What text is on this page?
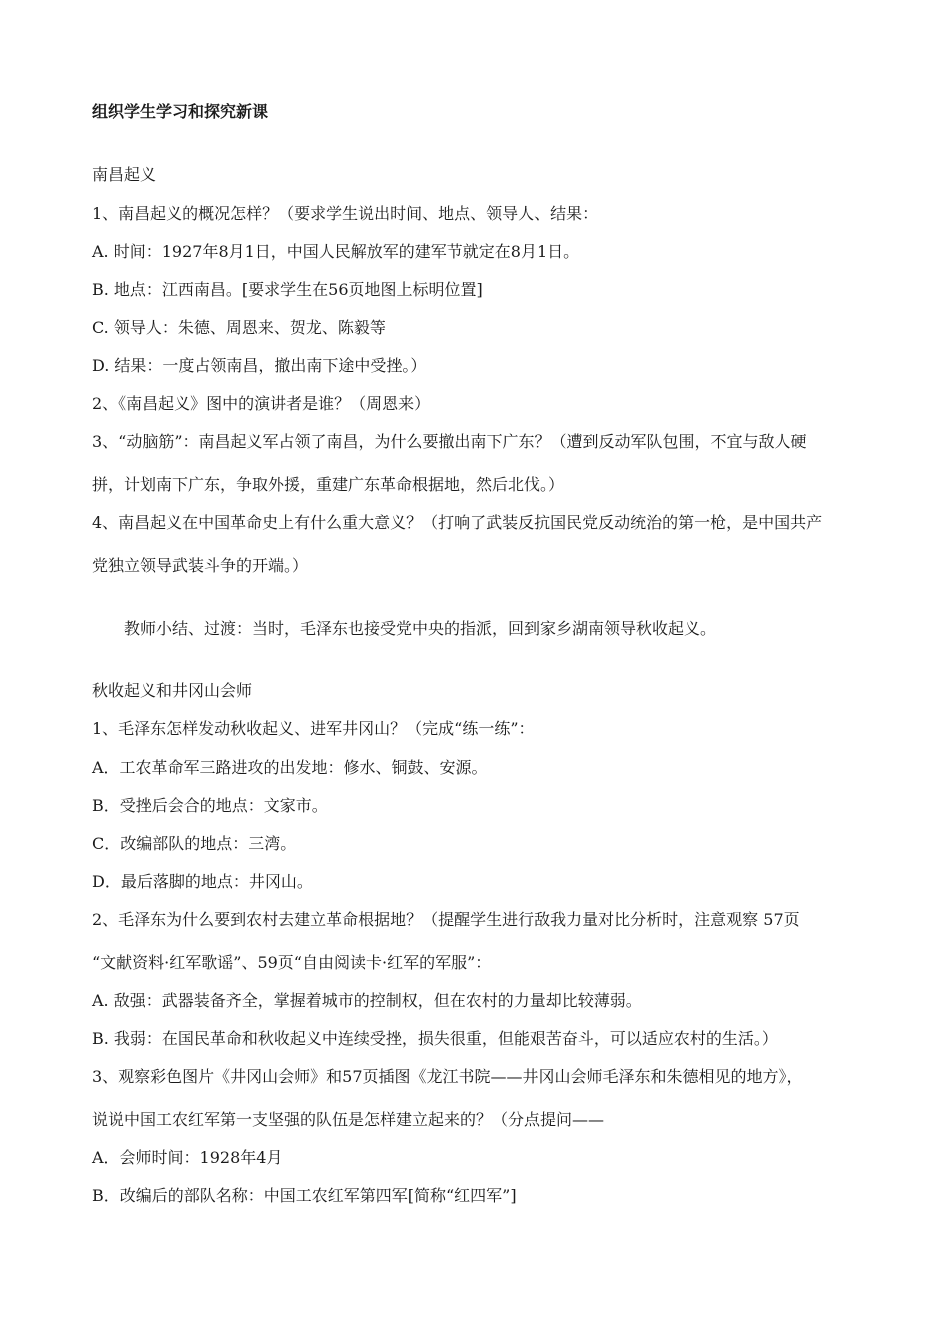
组织学生学习和探究新课

南昌起义

1、南昌起义的概况怎样？（要求学生说出时间、地点、领导人、结果：

A. 时间：1927年8月1日，中国人民解放军的建军节就定在8月1日。

B. 地点：江西南昌。[要求学生在56页地图上标明位置]

C. 领导人：朱德、周恩来、贺龙、陈毅等

D. 结果：一度占领南昌，撤出南下途中受挫。）

2、《南昌起义》图中的演讲者是谁？（周恩来）

3、“动脑筋”：南昌起义军占领了南昌，为什么要撤出南下广东？（遭到反动军队包围，不宜与敌人硬

拼，计划南下广东，争取外援，重建广东革命根据地，然后北伐。）

4、南昌起义在中国革命史上有什么重大意义？（打响了武装反抗国民党反动统治的第一枪，是中国共产

党独立领导武装斗争的开端。）

教师小结、过渡：当时，毛泽东也接受党中央的指派，回到家乡湖南领导秋收起义。

秋收起义和井冈山会师

1、毛泽东怎样发动秋收起义、进军井冈山？（完成“练一练”：

A．工农革命军三路进攻的出发地：修水、铜鼓、安源。

B．受挫后会合的地点：文家市。

C．改编部队的地点：三湾。

D．最后落脚的地点：井冈山。

2、毛泽东为什么要到农村去建立革命根据地？（提醒学生进行敌我力量对比分析时，注意观察 57页

“文献资料·红军歌谣”、59页“自由阅读卡·红军的军服”：

A. 敌强：武器装备齐全，掌握着城市的控制权，但在农村的力量却比较薄弱。

B. 我弱：在国民革命和秋收起义中连续受挫，损失很重，但能艰苦奋斗，可以适应农村的生活。）

3、观察彩色图片《井冈山会师》和57页插图《龙江书院——井冈山会师毛泽东和朱德相见的地方》，

说说中国工农红军第一支坚强的队伍是怎样建立起来的？（分点提问——

A．会师时间：1928年4月

B．改编后的部队名称：中国工农红军第四军[简称“红四军”]
